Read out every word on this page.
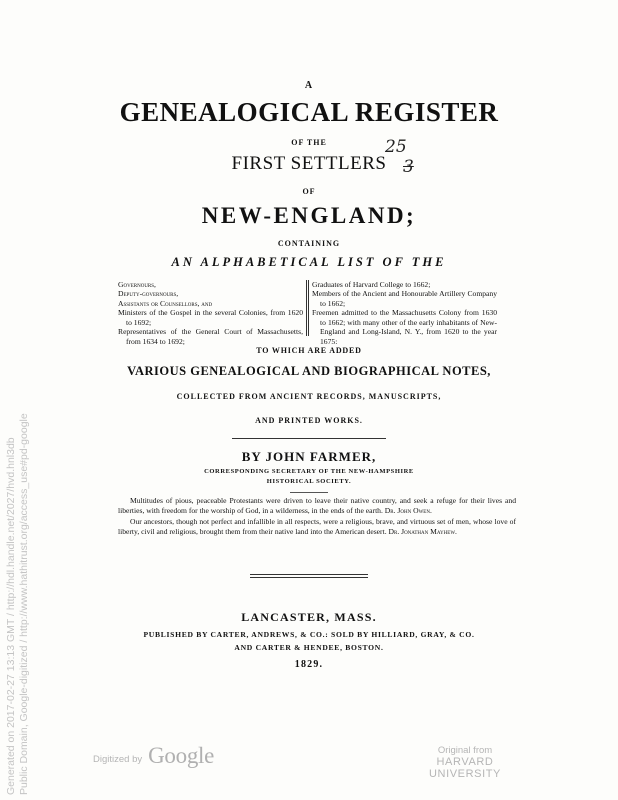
A
GENEALOGICAL REGISTER
OF THE
FIRST SETTLERS
OF
NEW-ENGLAND;
CONTAINING
AN ALPHABETICAL LIST OF THE

Governours,

Deputy-governours,

Assistants or Counsellors, and

Ministers of the Gospel in the several Colonies, from 1620 to 1692;

Representatives of the General Court of Massachusetts, from 1634 to 1692;

Graduates of Harvard College to 1662;

Members of the Ancient and Honourable Artillery Company to 1662;

Freemen admitted to the Massachusetts Colony from 1630 to 1662; with many other of the early inhabitants of New-England and Long-Island, N. Y., from 1620 to the year 1675:

TO WHICH ARE ADDED
VARIOUS GENEALOGICAL AND BIOGRAPHICAL NOTES,
COLLECTED FROM ANCIENT RECORDS, MANUSCRIPTS,
AND PRINTED WORKS.
BY JOHN FARMER,
CORRESPONDING SECRETARY OF THE NEW-HAMPSHIRE
HISTORICAL SOCIETY.

Multitudes of pious, peaceable Protestants were driven to leave their native country, and seek a refuge for their lives and liberties, with freedom for the worship of God, in a wilderness, in the ends of the earth. Dr. John Owen.

Our ancestors, though not perfect and infallible in all respects, were a religious, brave, and virtuous set of men, whose love of liberty, civil and religious, brought them from their native land into the American desert. Dr. Jonathan Mayhew.

LANCASTER, MASS.
PUBLISHED BY CARTER, ANDREWS, & CO.: SOLD BY HILLIARD, GRAY, & CO.
AND CARTER & HENDEE, BOSTON.
1829.
25
3
Generated on 2017-02-27 13:13 GMT / http://hdl.handle.net/2027/hvd.hnl3db Public Domain, Google-digitized / http://www.hathitrust.org/access_use#pd-google	Digitized by Google	Original from
HARVARD UNIVERSITY
